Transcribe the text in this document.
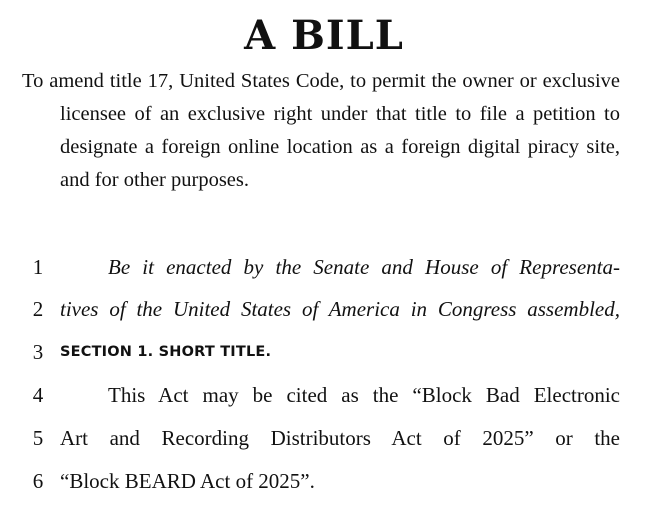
A BILL
To amend title 17, United States Code, to permit the owner or exclusive licensee of an exclusive right under that title to file a petition to designate a foreign online location as a foreign digital piracy site, and for other purposes.
1	Be it enacted by the Senate and House of Representa-
2 tives of the United States of America in Congress assembled,
3	SECTION 1. SHORT TITLE.
4	This Act may be cited as the “Block Bad Electronic
5 Art and Recording Distributors Act of 2025” or the
6 “Block BEARD Act of 2025”.
